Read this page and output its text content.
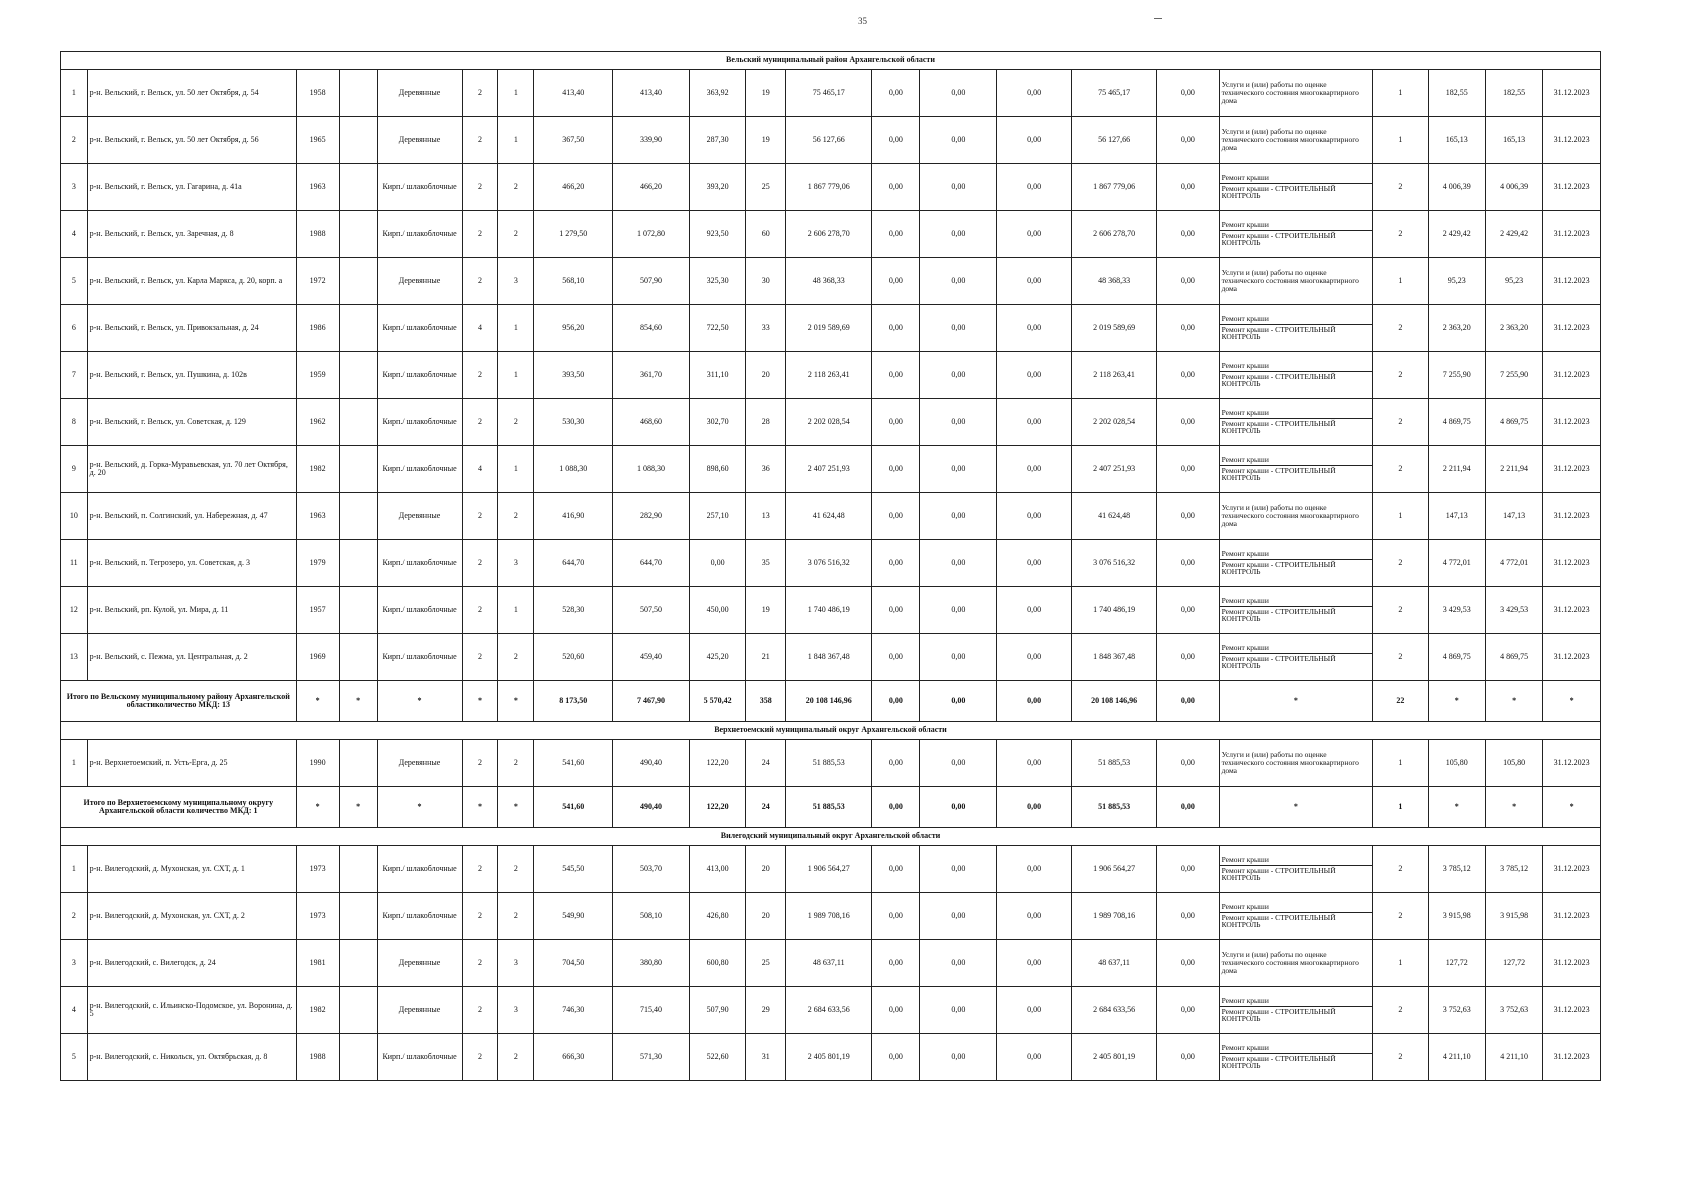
35
Вельский муниципальный район Архангельской области																					
1	р-н. Вельский, г. Вельск, ул. 50 лет Октября, д. 54	1958		Деревянные	2	1	413,40	413,40	363,92	19	75 465,17	0,00	0,00	0,00	75 465,17	0,00	Услуги и (или) работы по оценке технического состояния многоквартирного дома	1	182,55	182,55	31.12.2023
2	р-н. Вельский, г. Вельск, ул. 50 лет Октября, д. 56	1965		Деревянные	2	1	367,50	339,90	287,30	19	56 127,66	0,00	0,00	0,00	56 127,66	0,00	Услуги и (или) работы по оценке технического состояния многоквартирного дома	1	165,13	165,13	31.12.2023
3	р-н. Вельский, г. Вельск, ул. Гагарина, д. 41а	1963		Кирп./ шлакоблочные	2	2	466,20	466,20	393,20	25	1 867 779,06	0,00	0,00	0,00	1 867 779,06	0,00	Ремонт крыши
Ремонт крыши - СТРОИТЕЛЬНЫЙ КОНТРОЛЬ	2	4 006,39	4 006,39	31.12.2023
4	р-н. Вельский, г. Вельск, ул. Заречная, д. 8	1988		Кирп./ шлакоблочные	2	2	1 279,50	1 072,80	923,50	60	2 606 278,70	0,00	0,00	0,00	2 606 278,70	0,00	Ремонт крыши
Ремонт крыши - СТРОИТЕЛЬНЫЙ КОНТРОЛЬ	2	2 429,42	2 429,42	31.12.2023
5	р-н. Вельский, г. Вельск, ул. Карла Маркса, д. 20, корп. а	1972		Деревянные	2	3	568,10	507,90	325,30	30	48 368,33	0,00	0,00	0,00	48 368,33	0,00	Услуги и (или) работы по оценке технического состояния многоквартирного дома	1	95,23	95,23	31.12.2023
6	р-н. Вельский, г. Вельск, ул. Привокзальная, д. 24	1986		Кирп./ шлакоблочные	4	1	956,20	854,60	722,50	33	2 019 589,69	0,00	0,00	0,00	2 019 589,69	0,00	Ремонт крыши
Ремонт крыши - СТРОИТЕЛЬНЫЙ КОНТРОЛЬ	2	2 363,20	2 363,20	31.12.2023
7	р-н. Вельский, г. Вельск, ул. Пушкина, д. 102в	1959		Кирп./ шлакоблочные	2	1	393,50	361,70	311,10	20	2 118 263,41	0,00	0,00	0,00	2 118 263,41	0,00	Ремонт крыши
Ремонт крыши - СТРОИТЕЛЬНЫЙ КОНТРОЛЬ	2	7 255,90	7 255,90	31.12.2023
8	р-н. Вельский, г. Вельск, ул. Советская, д. 129	1962		Кирп./ шлакоблочные	2	2	530,30	468,60	302,70	28	2 202 028,54	0,00	0,00	0,00	2 202 028,54	0,00	Ремонт крыши
Ремонт крыши - СТРОИТЕЛЬНЫЙ КОНТРОЛЬ	2	4 869,75	4 869,75	31.12.2023
9	р-н. Вельский, д. Горка-Муравьевская, ул. 70 лет Октября, д. 20	1982		Кирп./ шлакоблочные	4	1	1 088,30	1 088,30	898,60	36	2 407 251,93	0,00	0,00	0,00	2 407 251,93	0,00	Ремонт крыши
Ремонт крыши - СТРОИТЕЛЬНЫЙ КОНТРОЛЬ	2	2 211,94	2 211,94	31.12.2023
10	р-н. Вельский, п. Солгинский, ул. Набережная, д. 47	1963		Деревянные	2	2	416,90	282,90	257,10	13	41 624,48	0,00	0,00	0,00	41 624,48	0,00	Услуги и (или) работы по оценке технического состояния многоквартирного дома	1	147,13	147,13	31.12.2023
11	р-н. Вельский, п. Тегрозеро, ул. Советская, д. 3	1979		Кирп./ шлакоблочные	2	3	644,70	644,70	0,00	35	3 076 516,32	0,00	0,00	0,00	3 076 516,32	0,00	Ремонт крыши
Ремонт крыши - СТРОИТЕЛЬНЫЙ КОНТРОЛЬ	2	4 772,01	4 772,01	31.12.2023
12	р-н. Вельский, рп. Кулой, ул. Мира, д. 11	1957		Кирп./ шлакоблочные	2	1	528,30	507,50	450,00	19	1 740 486,19	0,00	0,00	0,00	1 740 486,19	0,00	Ремонт крыши
Ремонт крыши - СТРОИТЕЛЬНЫЙ КОНТРОЛЬ	2	3 429,53	3 429,53	31.12.2023
13	р-н. Вельский, с. Пежма, ул. Центральная, д. 2	1969		Кирп./ шлакоблочные	2	2	520,60	459,40	425,20	21	1 848 367,48	0,00	0,00	0,00	1 848 367,48	0,00	Ремонт крыши
Ремонт крыши - СТРОИТЕЛЬНЫЙ КОНТРОЛЬ	2	4 869,75	4 869,75	31.12.2023
Итого по Вельскому муниципальному району Архангельской областиколичество МКД: 13		*	*	*	*	*	8 173,50	7 467,90	5 570,42	358	20 108 146,96	0,00	0,00	0,00	20 108 146,96	0,00	*	22	*	*	*
Верхнетоемский муниципальный округ Архангельской области																					
1	р-н. Верхнетоемский, п. Усть-Ерга, д. 25	1990		Деревянные	2	2	541,60	490,40	122,20	24	51 885,53	0,00	0,00	0,00	51 885,53	0,00	Услуги и (или) работы по оценке технического состояния многоквартирного дома	1	105,80	105,80	31.12.2023
Итого по Верхнетоемскому муниципальному округу Архангельской области количество МКД: 1		*	*	*	*	*	541,60	490,40	122,20	24	51 885,53	0,00	0,00	0,00	51 885,53	0,00	*	1	*	*	*
Вилегодский муниципальный округ Архангельской области																					
1	р-н. Вилегодский, д. Мухонская, ул. СХТ, д. 1	1973		Кирп./ шлакоблочные	2	2	545,50	503,70	413,00	20	1 906 564,27	0,00	0,00	0,00	1 906 564,27	0,00	Ремонт крыши
Ремонт крыши - СТРОИТЕЛЬНЫЙ КОНТРОЛЬ	2	3 785,12	3 785,12	31.12.2023
2	р-н. Вилегодский, д. Мухонская, ул. СХТ, д. 2	1973		Кирп./ шлакоблочные	2	2	549,90	508,10	426,80	20	1 989 708,16	0,00	0,00	0,00	1 989 708,16	0,00	Ремонт крыши
Ремонт крыши - СТРОИТЕЛЬНЫЙ КОНТРОЛЬ	2	3 915,98	3 915,98	31.12.2023
3	р-н. Вилегодский, с. Вилегодск, д. 24	1981		Деревянные	2	3	704,50	380,80	600,80	25	48 637,11	0,00	0,00	0,00	48 637,11	0,00	Услуги и (или) работы по оценке технического состояния многоквартирного дома	1	127,72	127,72	31.12.2023
4	р-н. Вилегодский, с. Ильинско-Подомское, ул. Воронина, д. 5	1982		Деревянные	2	3	746,30	715,40	507,90	29	2 684 633,56	0,00	0,00	0,00	2 684 633,56	0,00	Ремонт крыши
Ремонт крыши - СТРОИТЕЛЬНЫЙ КОНТРОЛЬ	2	3 752,63	3 752,63	31.12.2023
5	р-н. Вилегодский, с. Никольск, ул. Октябрьская, д. 8	1988		Кирп./ шлакоблочные	2	2	666,30	571,30	522,60	31	2 405 801,19	0,00	0,00	0,00	2 405 801,19	0,00	Ремонт крыши
Ремонт крыши - СТРОИТЕЛЬНЫЙ КОНТРОЛЬ	2	4 211,10	4 211,10	31.12.2023
